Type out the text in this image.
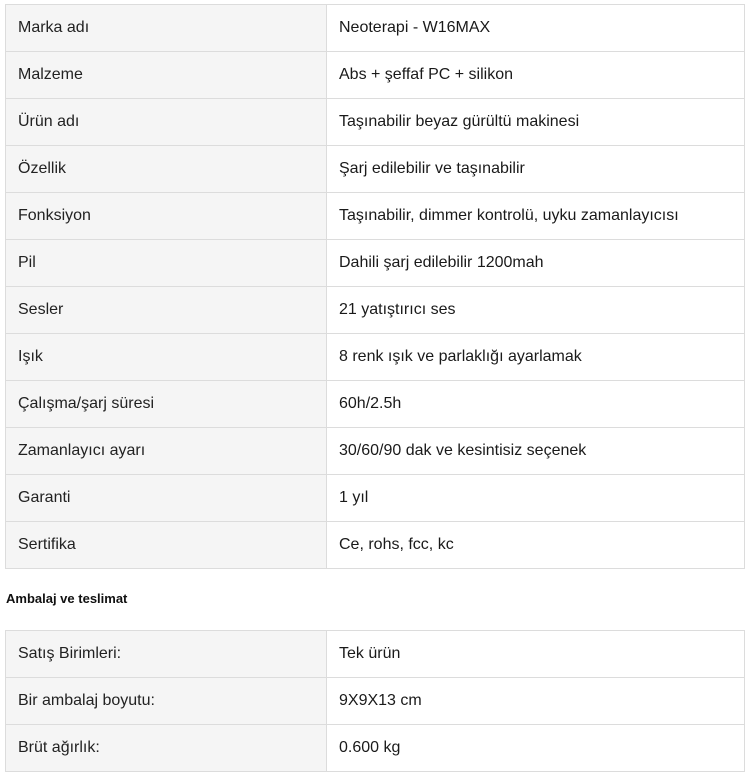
Marka adı	Neoterapi - W16MAX
Malzeme	Abs + şeffaf PC + silikon
Ürün adı	Taşınabilir beyaz gürültü makinesi
Özellik	Şarj edilebilir ve taşınabilir
Fonksiyon	Taşınabilir, dimmer kontrolü, uyku zamanlayıcısı
Pil	Dahili şarj edilebilir 1200mah
Sesler	21 yatıştırıcı ses
Işık	8 renk ışık ve parlaklığı ayarlamak
Çalışma/şarj süresi	60h/2.5h
Zamanlayıcı ayarı	30/60/90 dak ve kesintisiz seçenek
Garanti	1 yıl
Sertifika	Ce, rohs, fcc, kc
Ambalaj ve teslimat
Satış Birimleri:	Tek ürün
Bir ambalaj boyutu:	9X9X13 cm
Brüt ağırlık:	0.600 kg
